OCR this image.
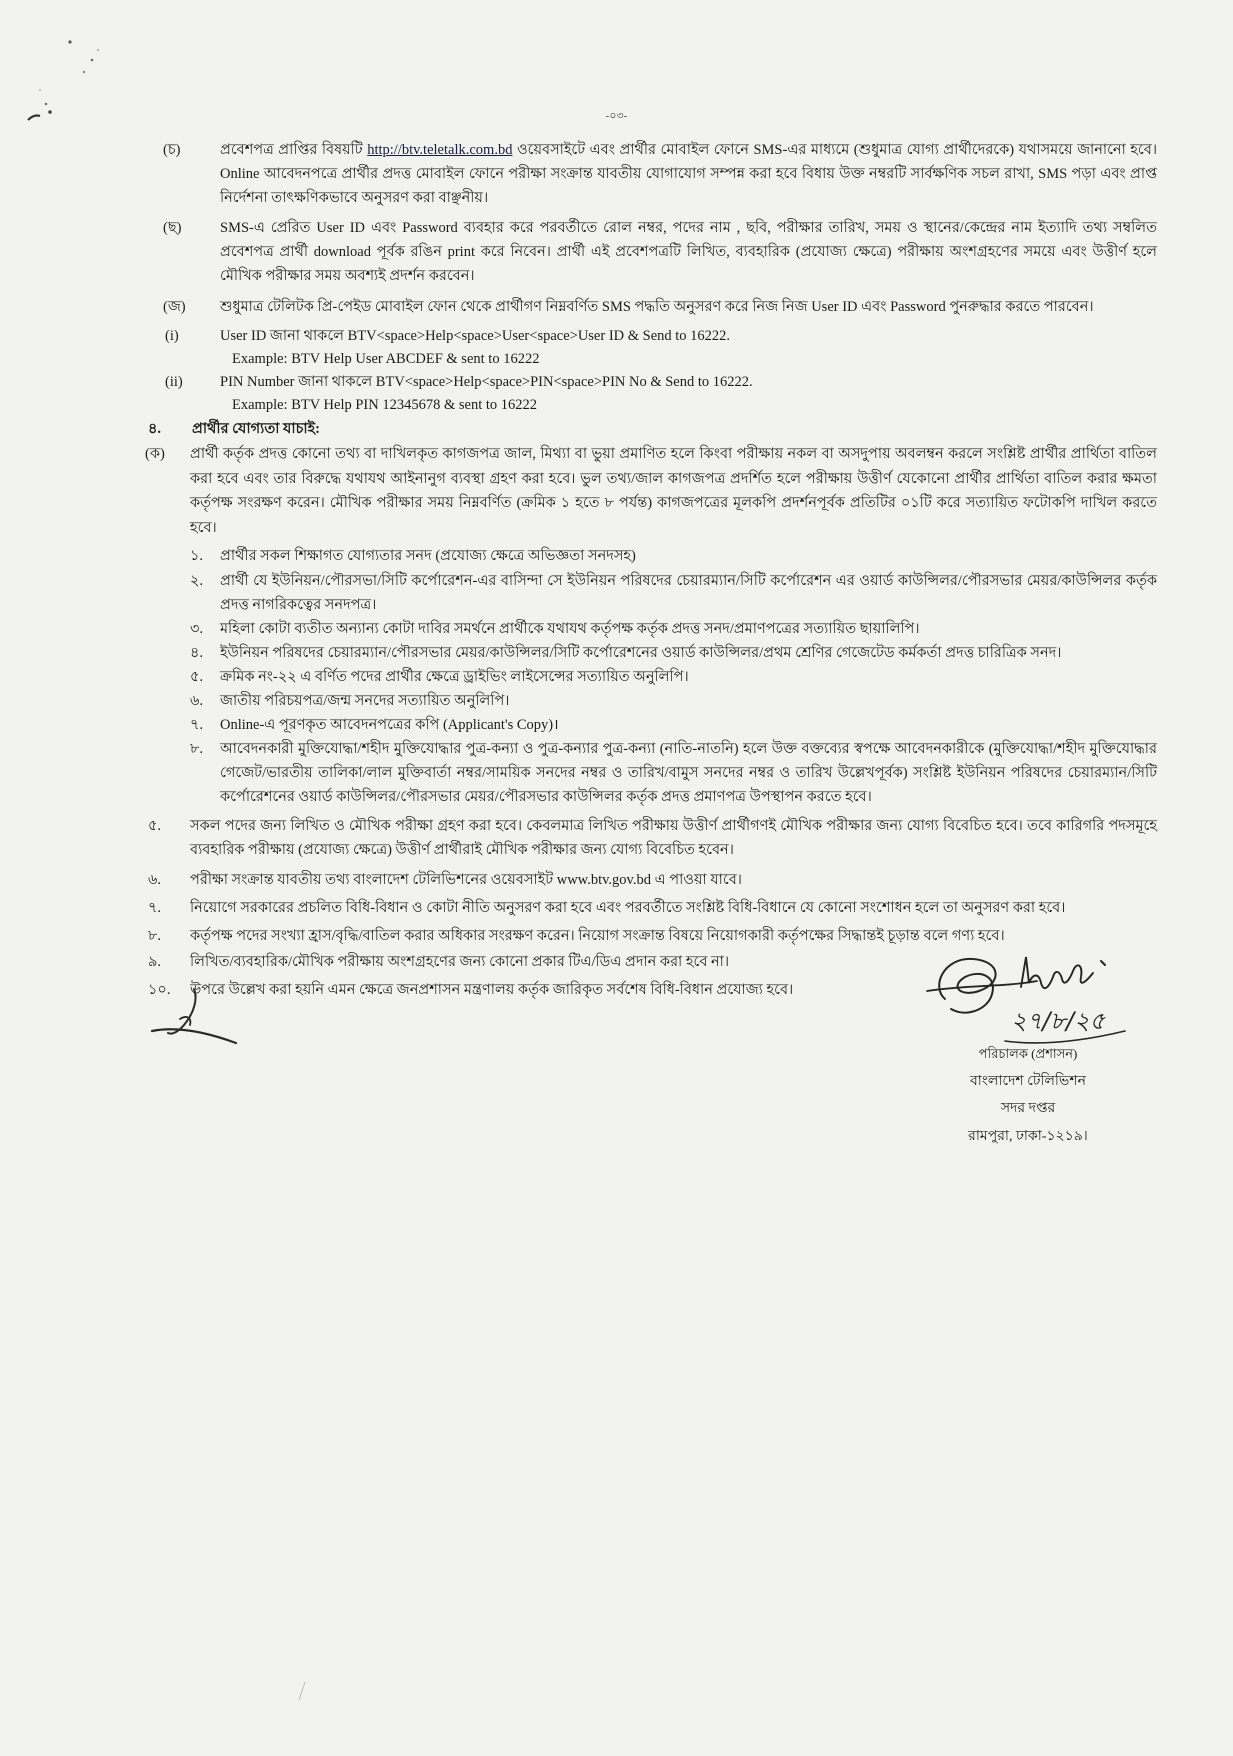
-০৩-
(চ)	প্রবেশপত্র প্রাপ্তির বিষয়টি http://btv.teletalk.com.bd ওয়েবসাইটে এবং প্রার্থীর মোবাইল ফোনে SMS-এর মাধ্যমে (শুধুমাত্র যোগ্য প্রার্থীদেরকে) যথাসময়ে জানানো হবে। Online আবেদনপত্রে প্রার্থীর প্রদত্ত মোবাইল ফোনে পরীক্ষা সংক্রান্ত যাবতীয় যোগাযোগ সম্পন্ন করা হবে বিধায় উক্ত নম্বরটি সার্বক্ষণিক সচল রাখা, SMS পড়া এবং প্রাপ্ত নির্দেশনা তাৎক্ষণিকভাবে অনুসরণ করা বাঞ্ছনীয়।
(ছ)	SMS-এ প্রেরিত User ID এবং Password ব্যবহার করে পরবর্তীতে রোল নম্বর, পদের নাম , ছবি, পরীক্ষার তারিখ, সময় ও স্থানের/কেন্দ্রের নাম ইত্যাদি তথ্য সম্বলিত প্রবেশপত্র প্রার্থী download পূর্বক রঙিন print করে নিবেন। প্রার্থী এই প্রবেশপত্রটি লিখিত, ব্যবহারিক (প্রযোজ্য ক্ষেত্রে) পরীক্ষায় অংশগ্রহণের সময়ে এবং উত্তীর্ণ হলে মৌখিক পরীক্ষার সময় অবশ্যই প্রদর্শন করবেন।
(জ)	শুধুমাত্র টেলিটক প্রি-পেইড মোবাইল ফোন থেকে প্রার্থীগণ নিম্নবর্ণিত SMS পদ্ধতি অনুসরণ করে নিজ নিজ User ID এবং Password পুনরুদ্ধার করতে পারবেন।
(i)	User ID জানা থাকলে BTV<space>Help<space>User<space>User ID & Send to 16222.
Example: BTV Help User ABCDEF & sent to 16222
(ii)	PIN Number জানা থাকলে BTV<space>Help<space>PIN<space>PIN No & Send to 16222.
Example: BTV Help PIN 12345678 & sent to 16222
৪.	প্রার্থীর যোগ্যতা যাচাই:
(ক)	প্রার্থী কর্তৃক প্রদত্ত কোনো তথ্য বা দাখিলকৃত কাগজপত্র জাল, মিথ্যা বা ভুয়া প্রমাণিত হলে কিংবা পরীক্ষায় নকল বা অসদুপায় অবলম্বন করলে সংশ্লিষ্ট প্রার্থীর প্রার্থিতা বাতিল করা হবে এবং তার বিরুদ্ধে যথাযথ আইনানুগ ব্যবস্থা গ্রহণ করা হবে। ভুল তথ্য/জাল কাগজপত্র প্রদর্শিত হলে পরীক্ষায় উত্তীর্ণ যেকোনো প্রার্থীর প্রার্থিতা বাতিল করার ক্ষমতা কর্তৃপক্ষ সংরক্ষণ করেন। মৌখিক পরীক্ষার সময় নিম্নবর্ণিত (ক্রমিক ১ হতে ৮ পর্যন্ত) কাগজপত্রের মূলকপি প্রদর্শনপূর্বক প্রতিটির ০১টি করে সত্যায়িত ফটোকপি দাখিল করতে হবে।
১.	প্রার্থীর সকল শিক্ষাগত যোগ্যতার সনদ (প্রযোজ্য ক্ষেত্রে অভিজ্ঞতা সনদসহ)
২.	প্রার্থী যে ইউনিয়ন/পৌরসভা/সিটি কর্পোরেশন-এর বাসিন্দা সে ইউনিয়ন পরিষদের চেয়ারম্যান/সিটি কর্পোরেশন এর ওয়ার্ড কাউন্সিলর/পৌরসভার মেয়র/কাউন্সিলর কর্তৃক প্রদত্ত নাগরিকত্বের সনদপত্র।
৩.	মহিলা কোটা ব্যতীত অন্যান্য কোটা দাবির সমর্থনে প্রার্থীকে যথাযথ কর্তৃপক্ষ কর্তৃক প্রদত্ত সনদ/প্রমাণপত্রের সত্যায়িত ছায়ালিপি।
৪.	ইউনিয়ন পরিষদের চেয়ারম্যান/পৌরসভার মেয়র/কাউন্সিলর/সিটি কর্পোরেশনের ওয়ার্ড কাউন্সিলর/প্রথম শ্রেণির গেজেটেড কর্মকর্তা প্রদত্ত চারিত্রিক সনদ।
৫.	ক্রমিক নং-২২ এ বর্ণিত পদের প্রার্থীর ক্ষেত্রে ড্রাইভিং লাইসেন্সের সত্যায়িত অনুলিপি।
৬.	জাতীয় পরিচয়পত্র/জন্ম সনদের সত্যায়িত অনুলিপি।
৭.	Online-এ পূরণকৃত আবেদনপত্রের কপি (Applicant's Copy)।
৮.	আবেদনকারী মুক্তিযোদ্ধা/শহীদ মুক্তিযোদ্ধার পুত্র-কন্যা ও পুত্র-কন্যার পুত্র-কন্যা (নাতি-নাতনি) হলে উক্ত বক্তব্যের স্বপক্ষে আবেদনকারীকে (মুক্তিযোদ্ধা/শহীদ মুক্তিযোদ্ধার গেজেট/ভারতীয় তালিকা/লাল মুক্তিবার্তা নম্বর/সাময়িক সনদের নম্বর ও তারিখ/বামুস সনদের নম্বর ও তারিখ উল্লেখপূর্বক) সংশ্লিষ্ট ইউনিয়ন পরিষদের চেয়ারম্যান/সিটি কর্পোরেশনের ওয়ার্ড কাউন্সিলর/পৌরসভার মেয়র/পৌরসভার কাউন্সিলর কর্তৃক প্রদত্ত প্রমাণপত্র উপস্থাপন করতে হবে।
৫.	সকল পদের জন্য লিখিত ও মৌখিক পরীক্ষা গ্রহণ করা হবে। কেবলমাত্র লিখিত পরীক্ষায় উত্তীর্ণ প্রার্থীগণই মৌখিক পরীক্ষার জন্য যোগ্য বিবেচিত হবে। তবে কারিগরি পদসমূহে ব্যবহারিক পরীক্ষায় (প্রযোজ্য ক্ষেত্রে) উত্তীর্ণ প্রার্থীরাই মৌখিক পরীক্ষার জন্য যোগ্য বিবেচিত হবেন।
৬.	পরীক্ষা সংক্রান্ত যাবতীয় তথ্য বাংলাদেশ টেলিভিশনের ওয়েবসাইট www.btv.gov.bd এ পাওয়া যাবে।
৭.	নিয়োগে সরকারের প্রচলিত বিধি-বিধান ও কোটা নীতি অনুসরণ করা হবে এবং পরবর্তীতে সংশ্লিষ্ট বিধি-বিধানে যে কোনো সংশোধন হলে তা অনুসরণ করা হবে।
৮.	কর্তৃপক্ষ পদের সংখ্যা হ্রাস/বৃদ্ধি/বাতিল করার অধিকার সংরক্ষণ করেন। নিয়োগ সংক্রান্ত বিষয়ে নিয়োগকারী কর্তৃপক্ষের সিদ্ধান্তই চূড়ান্ত বলে গণ্য হবে।
৯.	লিখিত/ব্যবহারিক/মৌখিক পরীক্ষায় অংশগ্রহণের জন্য কোনো প্রকার টিএ/ডিএ প্রদান করা হবে না।
১০.	উপরে উল্লেখ করা হয়নি এমন ক্ষেত্রে জনপ্রশাসন মন্ত্রণালয় কর্তৃক জারিকৃত সর্বশেষ বিধি-বিধান প্রযোজ্য হবে।
২৭/৮/২৫
পরিচালক (প্রশাসন)
বাংলাদেশ টেলিভিশন
সদর দপ্তর
রামপুরা, ঢাকা-১২১৯।
